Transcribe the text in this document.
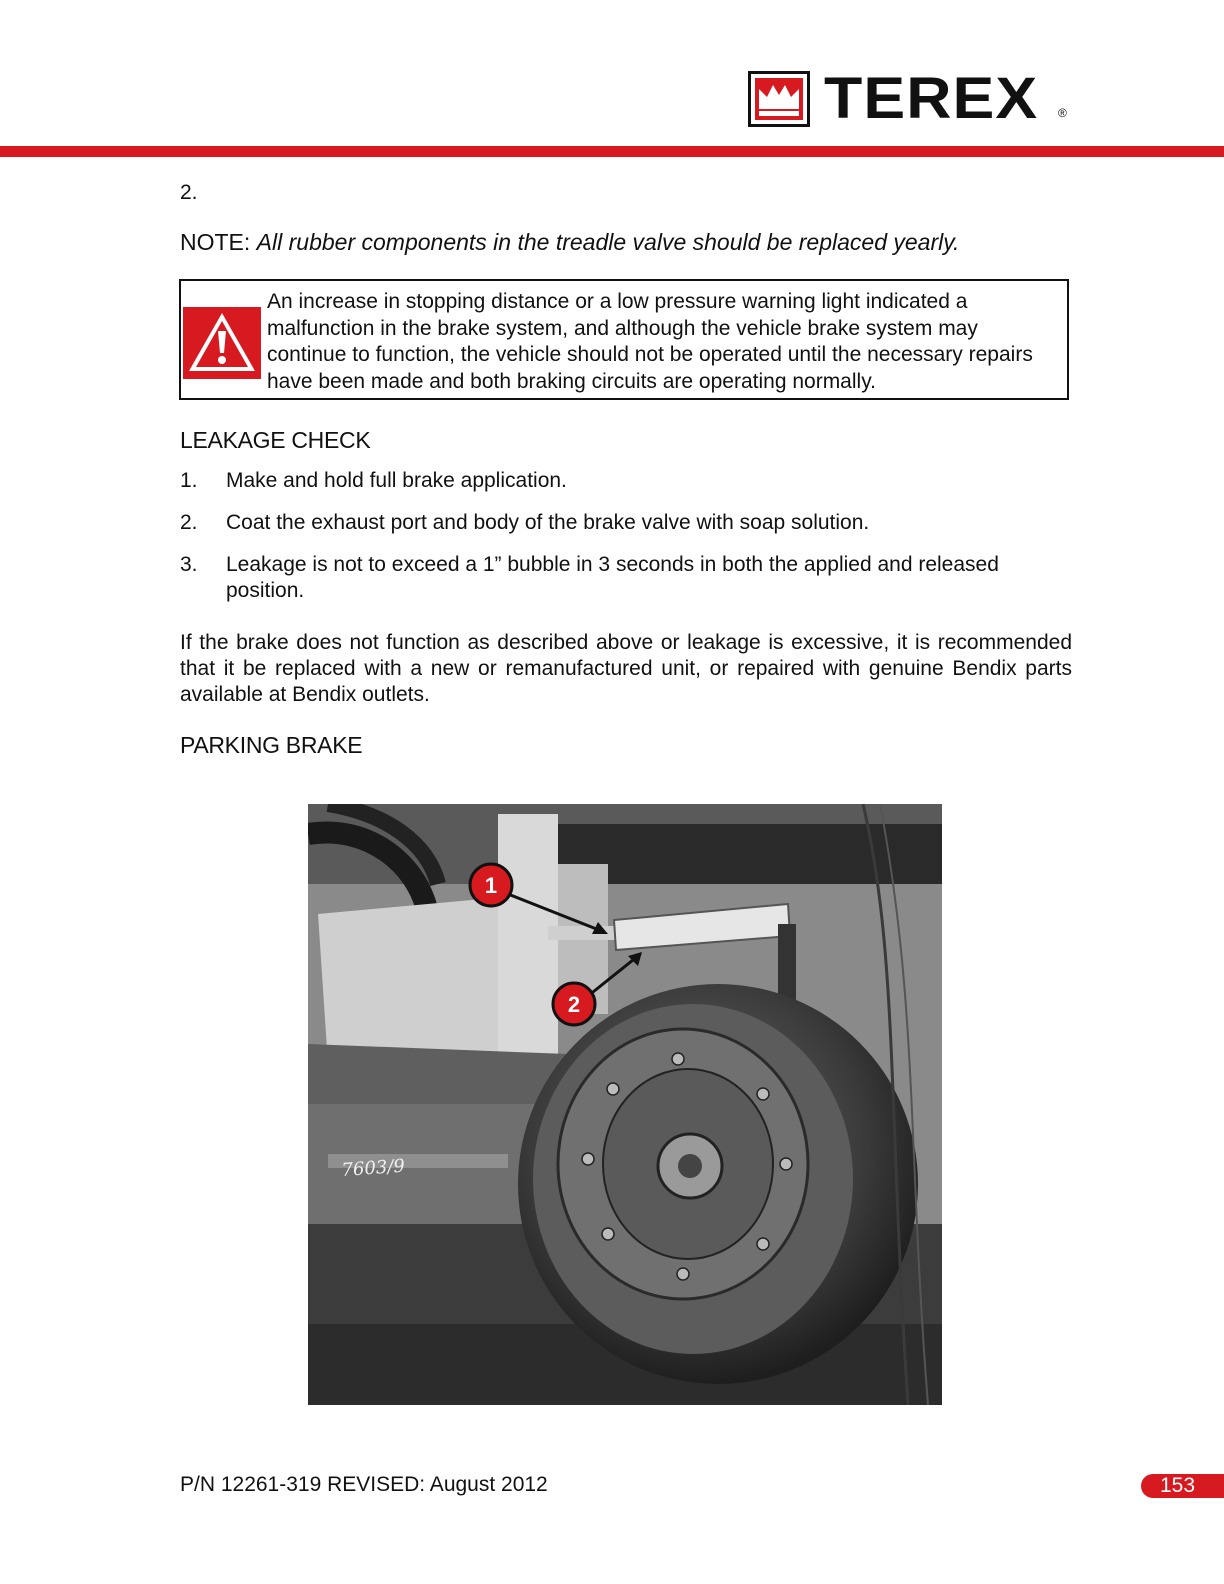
TEREX ®
2.
NOTE: All rubber components in the treadle valve should be replaced yearly.
An increase in stopping distance or a low pressure warning light indicated a malfunction in the brake system, and although the vehicle brake system may continue to function, the vehicle should not be operated until the necessary repairs have been made and both braking circuits are operating normally.
LEAKAGE CHECK
1. Make and hold full brake application.
2. Coat the exhaust port and body of the brake valve with soap solution.
3. Leakage is not to exceed a 1” bubble in 3 seconds in both the applied and released position.
If the brake does not function as described above or leakage is excessive, it is recommended that it be replaced with a new or remanufactured unit, or repaired with genuine Bendix parts available at Bendix outlets.
PARKING BRAKE
1
2
7603/9
P/N 12261-319 REVISED: August 2012	153
